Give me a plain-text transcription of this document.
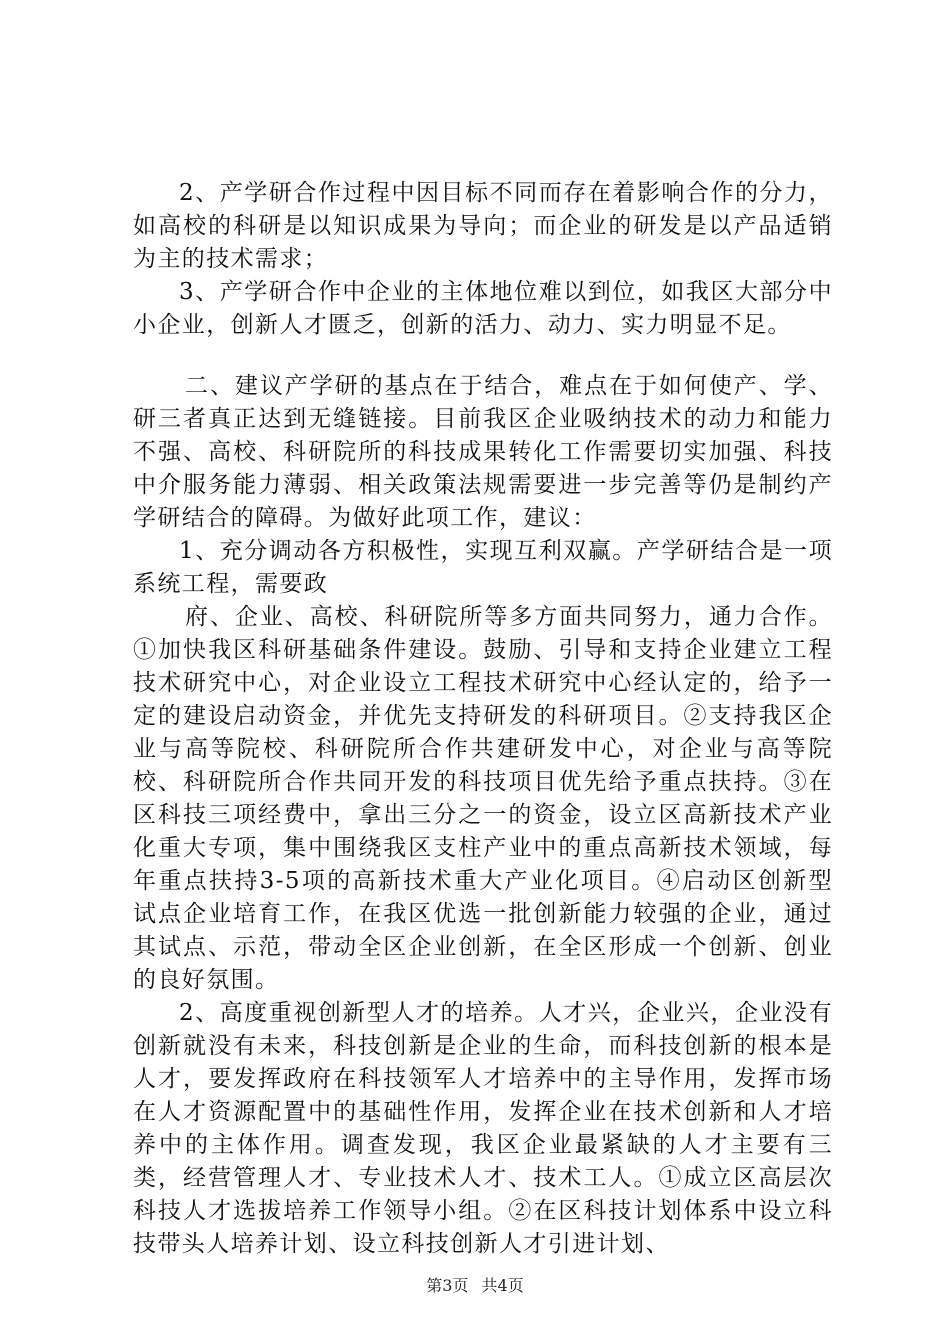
2、产学研合作过程中因目标不同而存在着影响合作的分力，如高校的科研是以知识成果为导向；而企业的研发是以产品适销为主的技术需求；

3、产学研合作中企业的主体地位难以到位，如我区大部分中小企业，创新人才匮乏，创新的活力、动力、实力明显不足。

二、建议产学研的基点在于结合，难点在于如何使产、学、研三者真正达到无缝链接。目前我区企业吸纳技术的动力和能力不强、高校、科研院所的科技成果转化工作需要切实加强、科技中介服务能力薄弱、相关政策法规需要进一步完善等仍是制约产学研结合的障碍。为做好此项工作，建议：

1、充分调动各方积极性，实现互利双赢。产学研结合是一项系统工程，需要政

府、企业、高校、科研院所等多方面共同努力，通力合作。①加快我区科研基础条件建设。鼓励、引导和支持企业建立工程技术研究中心，对企业设立工程技术研究中心经认定的，给予一定的建设启动资金，并优先支持研发的科研项目。②支持我区企业与高等院校、科研院所合作共建研发中心，对企业与高等院校、科研院所合作共同开发的科技项目优先给予重点扶持。③在区科技三项经费中，拿出三分之一的资金，设立区高新技术产业化重大专项，集中围绕我区支柱产业中的重点高新技术领域，每年重点扶持3-5项的高新技术重大产业化项目。④启动区创新型试点企业培育工作，在我区优选一批创新能力较强的企业，通过其试点、示范，带动全区企业创新，在全区形成一个创新、创业的良好氛围。

2、高度重视创新型人才的培养。人才兴，企业兴，企业没有创新就没有未来，科技创新是企业的生命，而科技创新的根本是人才，要发挥政府在科技领军人才培养中的主导作用，发挥市场在人才资源配置中的基础性作用，发挥企业在技术创新和人才培养中的主体作用。调查发现，我区企业最紧缺的人才主要有三类，经营管理人才、专业技术人才、技术工人。①成立区高层次科技人才选拔培养工作领导小组。②在区科技计划体系中设立科技带头人培养计划、设立科技创新人才引进计划、

第3页 共4页
